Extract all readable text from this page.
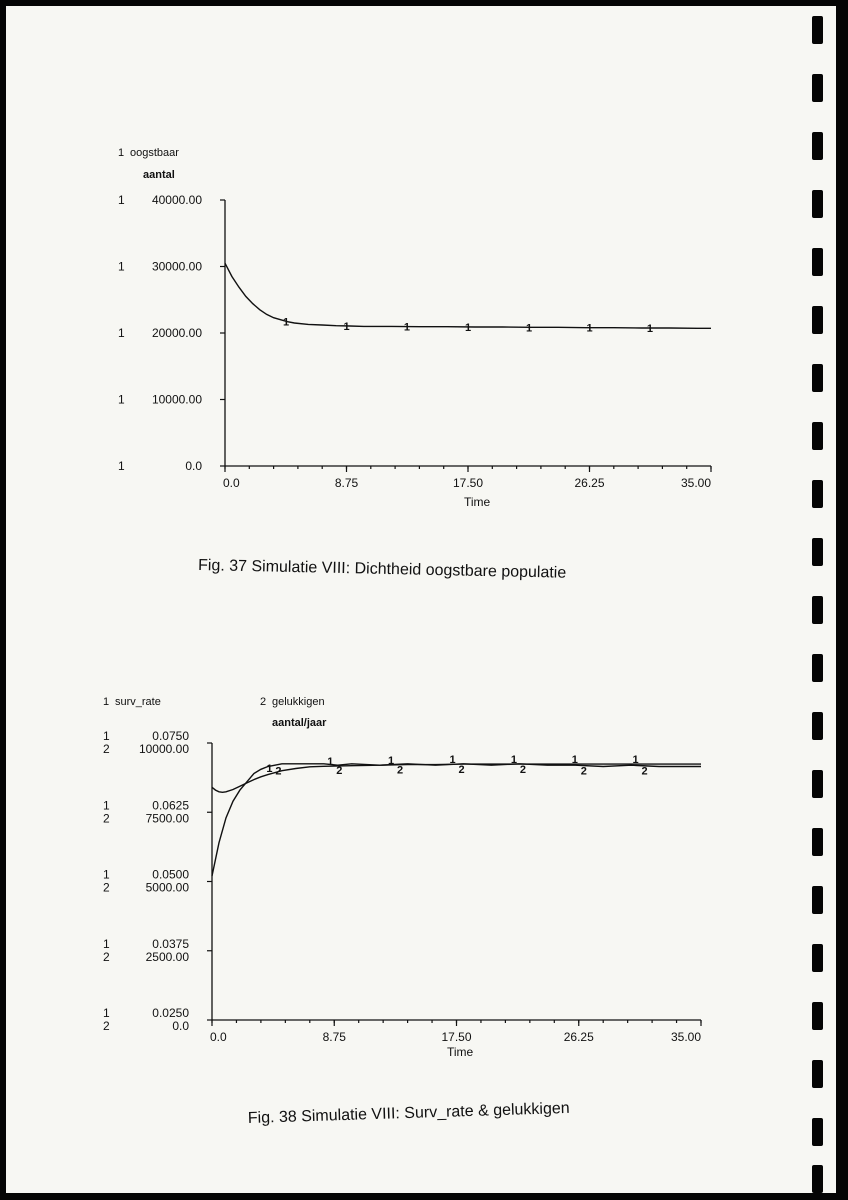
1 oogstbaar
aantal
1 40000.00
1 30000.00
1 20000.00
1 10000.00
1	0.0
0.0	8.75	17.50	26.25	35.00
1	1	1	1	1	1	1
Time
Fig. 37 Simulatie VIII: Dichtheid oogstbare populatie
1 surv_rate	2 gelukkigen
aantal/jaar
1
2
0.0750
10000.00
1
2
0.0625
7500.00
1
2
0.0500
5000.00
1
2
0.0375
2500.00
1
2
0.0250
0.0
0.0	8.75	17.50	26.25	35.00
1 2
1
2
1
2
1
2
1
2
1
2
1
2
Time
Fig. 38 Simulatie VIII: Surv_rate & gelukkigen
